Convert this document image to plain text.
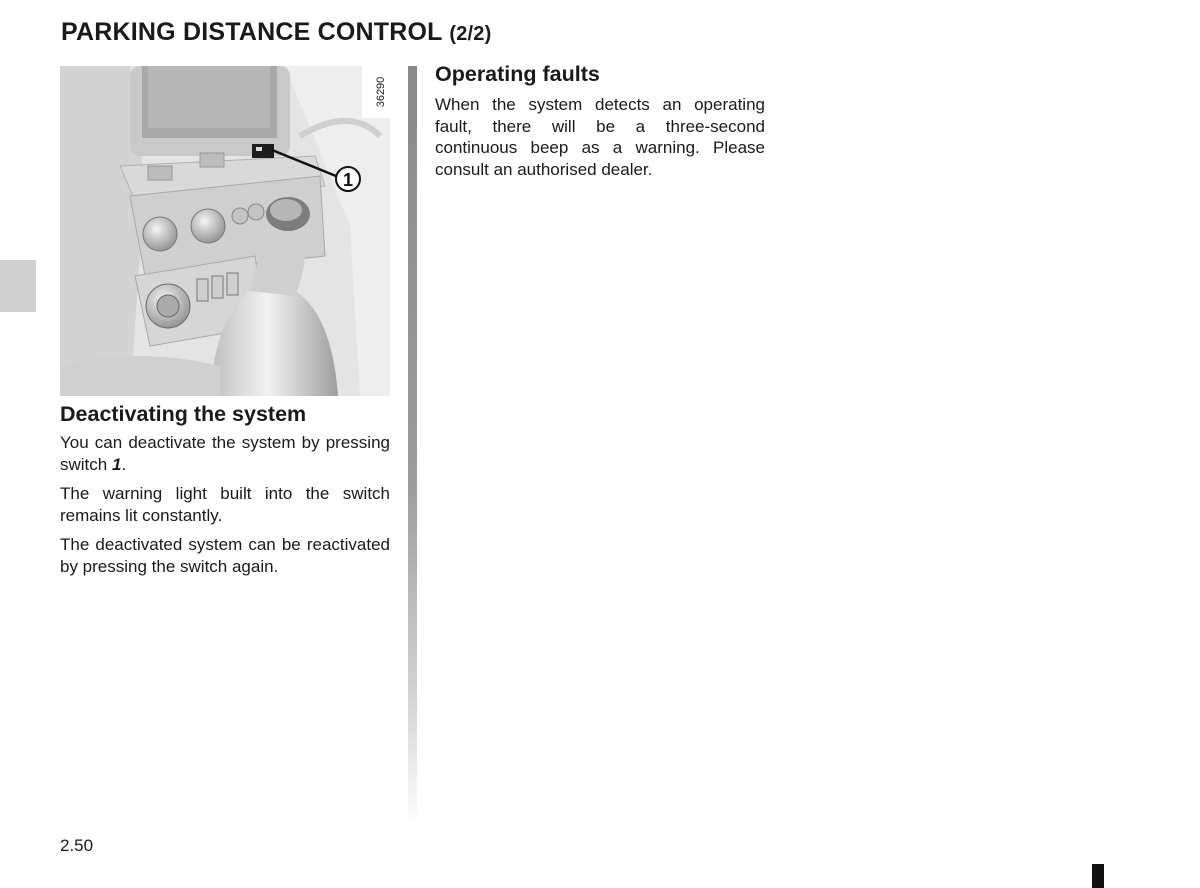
PARKING DISTANCE CONTROL (2/2)
36290
1
Deactivating the system

You can deactivate the system by pressing switch 1.

The warning light built into the switch remains lit constantly.

The deactivated system can be reactivated by pressing the switch again.

Operating faults

When the system detects an operating fault, there will be a three-second continuous beep as a warning. Please consult an authorised dealer.

2.50
